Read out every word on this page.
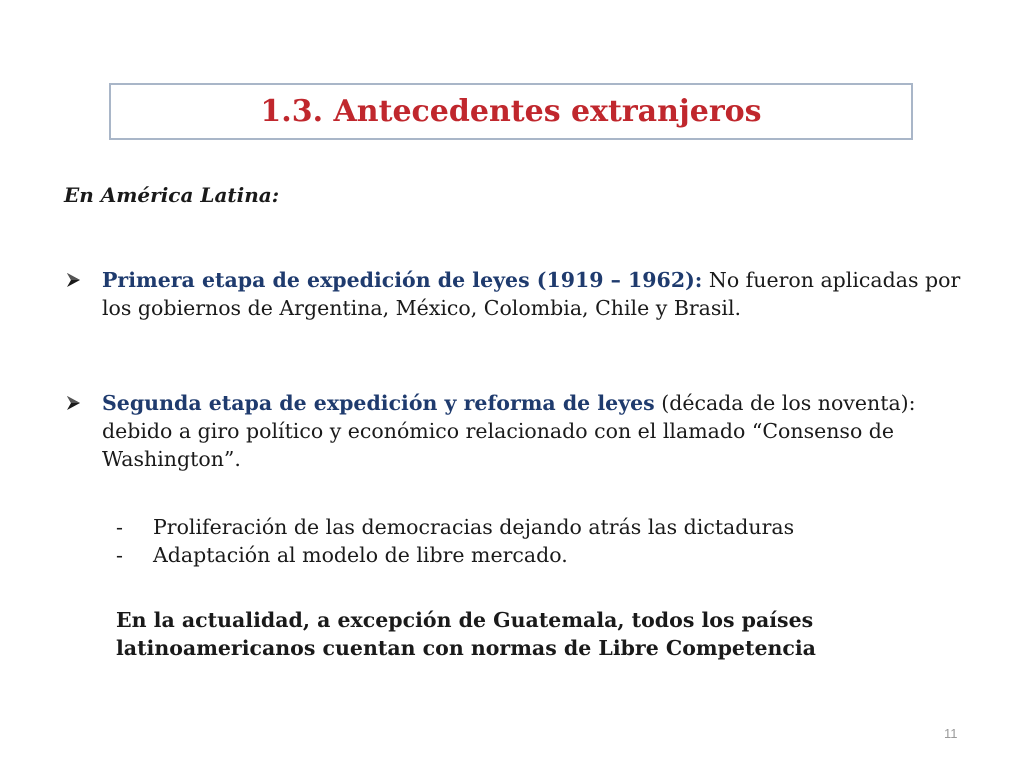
1.3. Antecedentes extranjeros
En América Latina:
Primera etapa de expedición de leyes (1919 – 1962): No fueron aplicadas por los gobiernos de Argentina, México, Colombia, Chile y Brasil.
Segunda etapa de expedición y reforma de leyes (década de los noventa): debido a giro político y económico relacionado con el llamado “Consenso de Washington”.
- Proliferación de las democracias dejando atrás las dictaduras
- Adaptación al modelo de libre mercado.
En la actualidad, a excepción de Guatemala, todos los países latinoamericanos cuentan con normas de Libre Competencia
11
